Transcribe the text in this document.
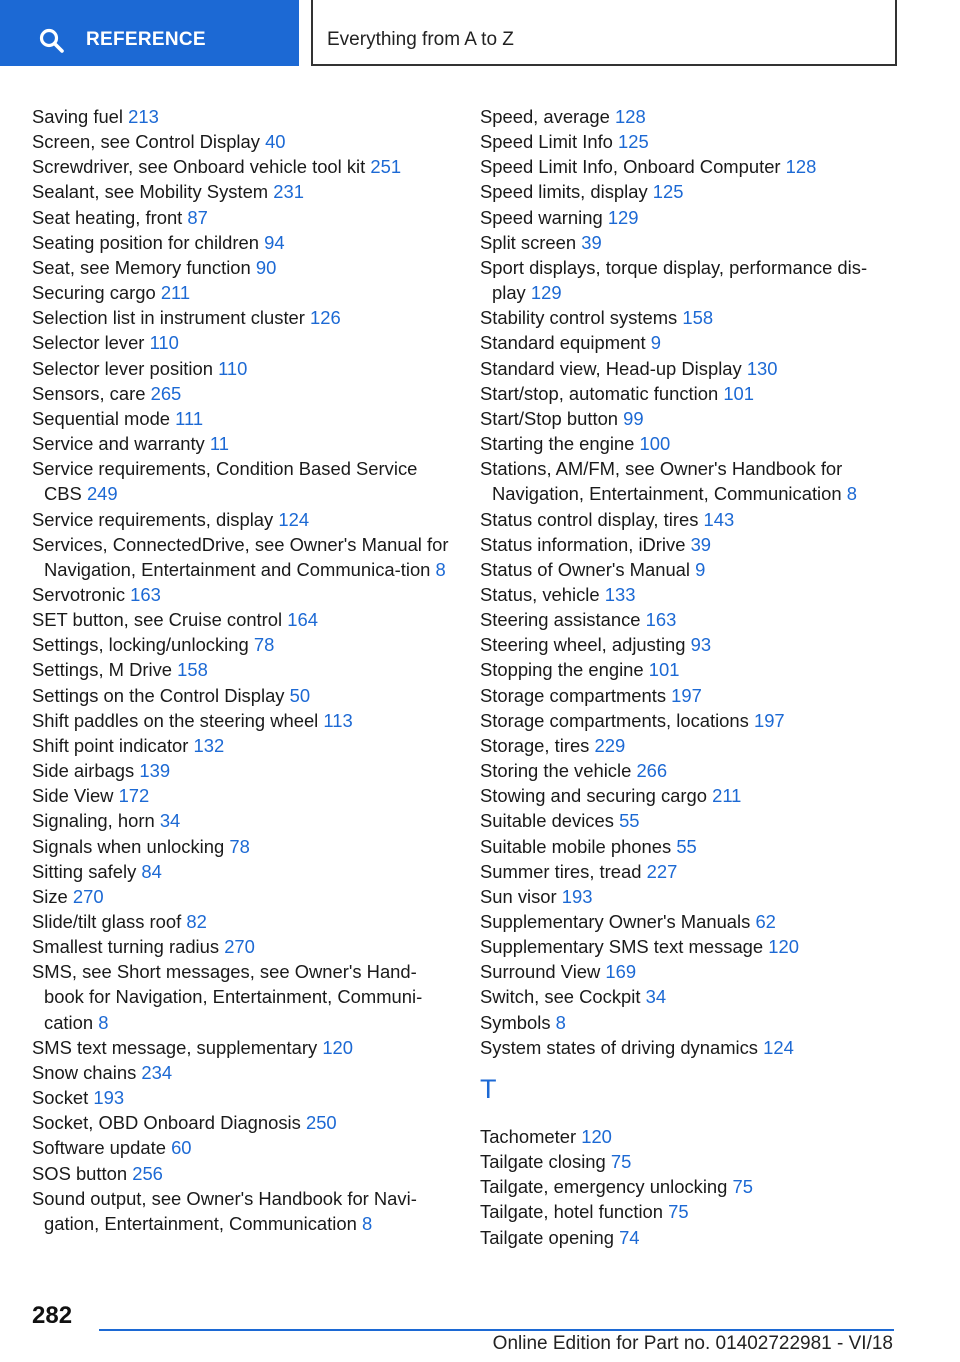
REFERENCE	Everything from A to Z
Saving fuel 213
Screen, see Control Display 40
Screwdriver, see Onboard vehicle tool kit 251
Sealant, see Mobility System 231
Seat heating, front 87
Seating position for children 94
Seat, see Memory function 90
Securing cargo 211
Selection list in instrument cluster 126
Selector lever 110
Selector lever position 110
Sensors, care 265
Sequential mode 111
Service and warranty 11
Service requirements, Condition Based Service CBS 249
Service requirements, display 124
Services, ConnectedDrive, see Owner's Manual for Navigation, Entertainment and Communica‐tion 8
Servotronic 163
SET button, see Cruise control 164
Settings, locking/unlocking 78
Settings, M Drive 158
Settings on the Control Display 50
Shift paddles on the steering wheel 113
Shift point indicator 132
Side airbags 139
Side View 172
Signaling, horn 34
Signals when unlocking 78
Sitting safely 84
Size 270
Slide/tilt glass roof 82
Smallest turning radius 270
SMS, see Short messages, see Owner's Hand‐book for Navigation, Entertainment, Communi‐cation 8
SMS text message, supplementary 120
Snow chains 234
Socket 193
Socket, OBD Onboard Diagnosis 250
Software update 60
SOS button 256
Sound output, see Owner's Handbook for Navi‐gation, Entertainment, Communication 8
Speed, average 128
Speed Limit Info 125
Speed Limit Info, Onboard Computer 128
Speed limits, display 125
Speed warning 129
Split screen 39
Sport displays, torque display, performance dis‐play 129
Stability control systems 158
Standard equipment 9
Standard view, Head-up Display 130
Start/stop, automatic function 101
Start/Stop button 99
Starting the engine 100
Stations, AM/FM, see Owner's Handbook for Navigation, Entertainment, Communication 8
Status control display, tires 143
Status information, iDrive 39
Status of Owner's Manual 9
Status, vehicle 133
Steering assistance 163
Steering wheel, adjusting 93
Stopping the engine 101
Storage compartments 197
Storage compartments, locations 197
Storage, tires 229
Storing the vehicle 266
Stowing and securing cargo 211
Suitable devices 55
Suitable mobile phones 55
Summer tires, tread 227
Sun visor 193
Supplementary Owner's Manuals 62
Supplementary SMS text message 120
Surround View 169
Switch, see Cockpit 34
Symbols 8
System states of driving dynamics 124
T
Tachometer 120
Tailgate closing 75
Tailgate, emergency unlocking 75
Tailgate, hotel function 75
Tailgate opening 74
282
Online Edition for Part no. 01402722981 - VI/18
